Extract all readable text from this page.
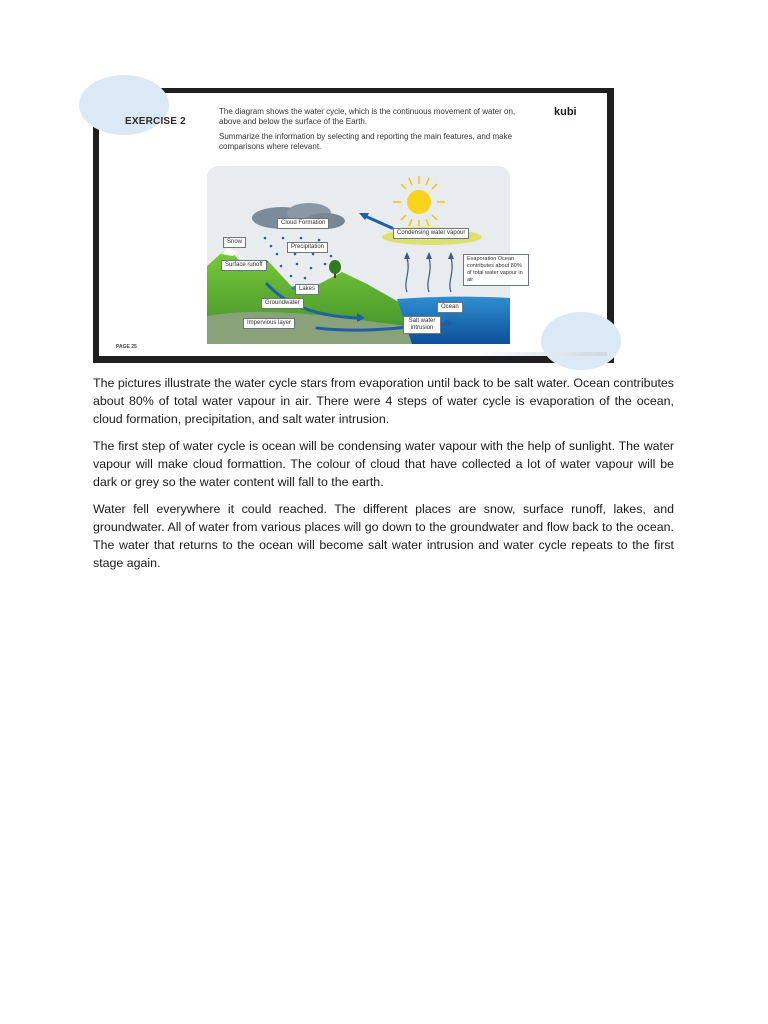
EXERCISE 2

The diagram shows the water cycle, which is the continuous movement of water on, above and below the surface of the Earth.

Summarize the information by selecting and reporting the main features, and make comparisons where relevant.

kubi
· · · · · ·
PAGE 25
Cloud Formation
Snow
Precipitation
Surface runoff
Lakes
Groundwater
Impervious layer
Condensing water vapour
Evaporation Ocean contributes about 80% of total water vapour in air
Ocean
Salt water intrusion

The pictures illustrate the water cycle stars from evaporation until back to be salt water. Ocean contributes about 80% of total water vapour in air. There were 4 steps of water cycle is evaporation of the ocean, cloud formation, precipitation, and salt water intrusion.

The first step of water cycle is ocean will be condensing water vapour with the help of sunlight. The water vapour will make cloud formattion. The colour of cloud that have collected a lot of water vapour will be dark or grey so the water content will fall to the earth.

Water fell everywhere it could reached. The different places are snow, surface runoff, lakes, and groundwater. All of water from various places will go down to the groundwater and flow back to the ocean. The water that returns to the ocean will become salt water intrusion and water cycle repeats to the first stage again.
